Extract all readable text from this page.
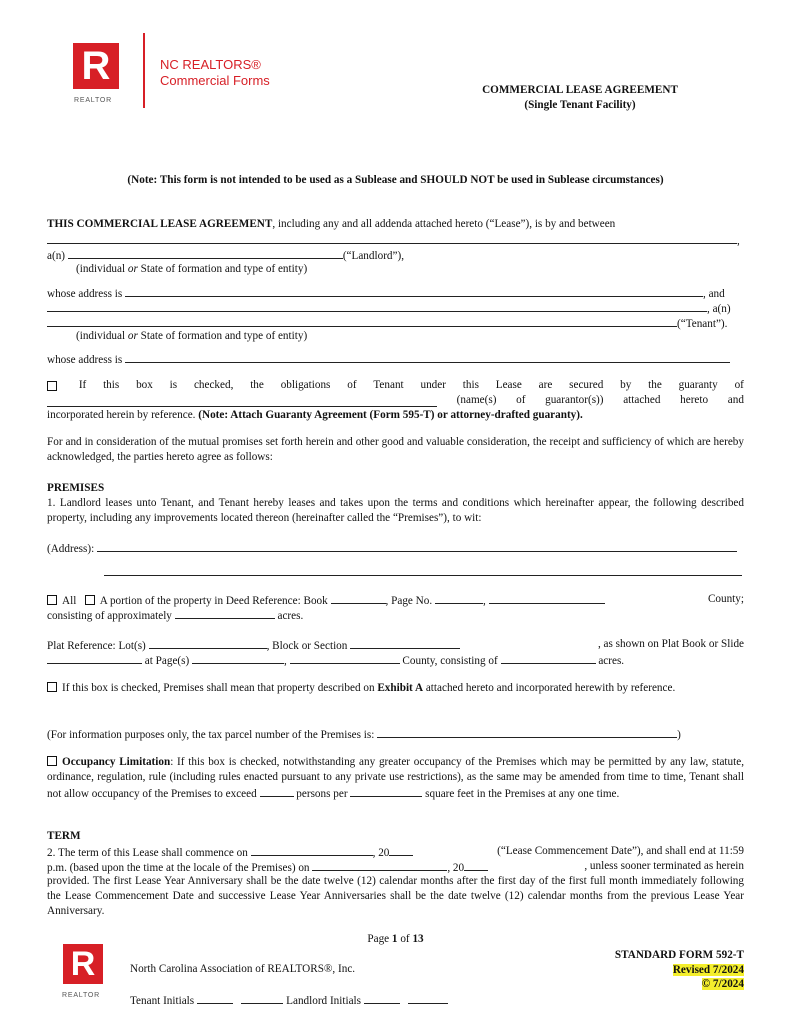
R
REALTOR
NC REALTORS®
Commercial Forms
COMMERCIAL LEASE AGREEMENT
(Single Tenant Facility)
(Note: This form is not intended to be used as a Sublease and SHOULD NOT be used in Sublease circumstances)
THIS COMMERCIAL LEASE AGREEMENT, including any and all addenda attached hereto (“Lease”), is by and between
,
a(n)	(“Landlord”),
(individual or State of formation and type of entity)
whose address is	, and
, a(n)
(“Tenant”).
(individual or State of formation and type of entity)
whose address is
If this box is checked, the obligations of Tenant under this Lease are secured by the guaranty of
(name(s) of guarantor(s)) attached hereto and
incorporated herein by reference. (Note: Attach Guaranty Agreement (Form 595-T) or attorney-drafted guaranty).
For and in consideration of the mutual promises set forth herein and other good and valuable consideration, the receipt and sufficiency of which are hereby acknowledged, the parties hereto agree as follows:
PREMISES
1. Landlord leases unto Tenant, and Tenant hereby leases and takes upon the terms and conditions which hereinafter appear, the following described property, including any improvements located thereon (hereinafter called the “Premises”), to wit:
(Address):
All A portion of the property in Deed Reference: Book	, Page No.	,	County;
consisting of approximately	acres.
Plat Reference: Lot(s)	, Block or Section	, as shown on Plat Book or Slide
at Page(s)	,	County, consisting of	acres.
If this box is checked, Premises shall mean that property described on Exhibit A attached hereto and incorporated herewith by reference.
(For information purposes only, the tax parcel number of the Premises is:	)
Occupancy Limitation: If this box is checked, notwithstanding any greater occupancy of the Premises which may be permitted by any law, statute, ordinance, regulation, rule (including rules enacted pursuant to any private use restrictions), as the same may be amended from time to time, Tenant shall not allow occupancy of the Premises to exceed	persons per	square feet in the Premises at any one time.
TERM
2. The term of this Lease shall commence on	, 20	(“Lease Commencement Date”), and shall end at 11:59
p.m. (based upon the time at the locale of the Premises) on	, 20	, unless sooner terminated as herein
provided. The first Lease Year Anniversary shall be the date twelve (12) calendar months after the first day of the first full month immediately following the Lease Commencement Date and successive Lease Year Anniversaries shall be the date twelve (12) calendar months from the previous Lease Year Anniversary.
Page 1 of 13
R
REALTOR
North Carolina Association of REALTORS®, Inc.
STANDARD FORM 592-T
Revised 7/2024
© 7/2024
Tenant Initials	Landlord Initials
